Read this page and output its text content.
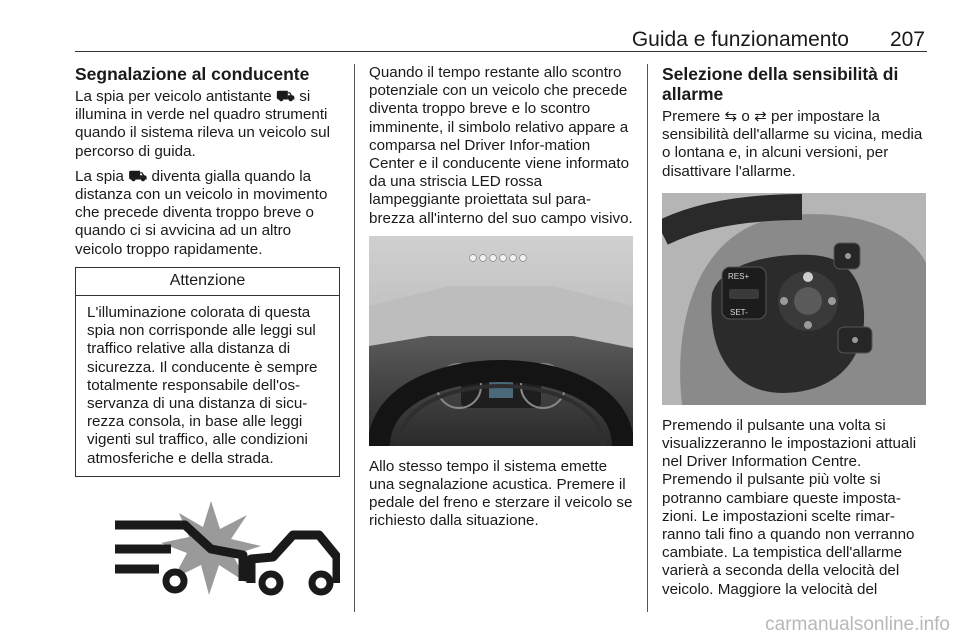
Guida e funzionamento 207
Segnalazione al conducente

La spia per veicolo antistante ⛟ si illumina in verde nel quadro strumenti quando il sistema rileva un veicolo sul percorso di guida.

La spia ⛟ diventa gialla quando la distanza con un veicolo in movimento che precede diventa troppo breve o quando ci si avvicina ad un altro veicolo troppo rapidamente.

Attenzione
L'illuminazione colorata di questa spia non corrisponde alle leggi sul traffico relative alla distanza di sicurezza. Il conducente è sempre totalmente responsabile dell'os-servanza di una distanza di sicu-rezza consola, in base alle leggi vigenti sul traffico, alle condizioni atmosferiche e della strada.

Quando il tempo restante allo scontro potenziale con un veicolo che precede diventa troppo breve e lo scontro imminente, il simbolo relativo appare a comparsa nel Driver Infor-mation Center e il conducente viene informato da una striscia LED rossa lampeggiante proiettata sul para-brezza all'interno del suo campo visivo.

Allo stesso tempo il sistema emette una segnalazione acustica. Premere il pedale del freno e sterzare il veicolo se richiesto dalla situazione.

Selezione della sensibilità di allarme

Premere ⇆ o ⇄ per impostare la sensibilità dell'allarme su vicina, media o lontana e, in alcuni versioni, per disattivare l'allarme.

RES+
SET-

Premendo il pulsante una volta si visualizzeranno le impostazioni attuali nel Driver Information Centre. Premendo il pulsante più volte si potranno cambiare queste imposta-zioni. Le impostazioni scelte rimar-ranno tali fino a quando non verranno cambiate. La tempistica dell'allarme varierà a seconda della velocità del veicolo. Maggiore la velocità del

carmanualsonline.info
